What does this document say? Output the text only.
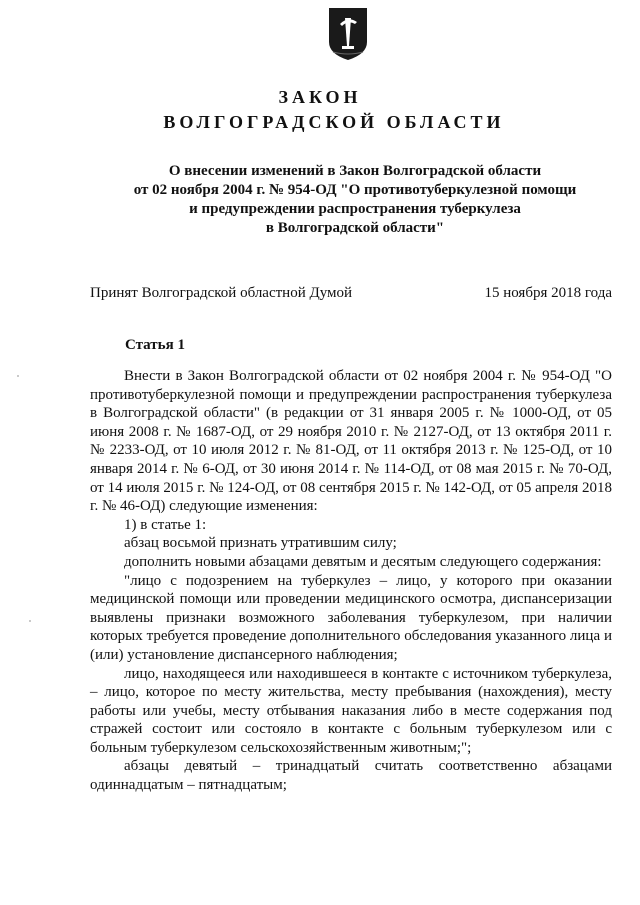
ЗАКОН
ВОЛГОГРАДСКОЙ ОБЛАСТИ
О внесении изменений в Закон Волгоградской области
от 02 ноября 2004 г. № 954-ОД "О противотуберкулезной помощи
и предупреждении распространения туберкулеза
в Волгоградской области"
Принят Волгоградской областной Думой	15 ноября 2018 года
Статья 1

Внести в Закон Волгоградской области от 02 ноября 2004 г. № 954-ОД "О противотуберкулезной помощи и предупреждении распространения туберкулеза в Волгоградской области" (в редакции от 31 января 2005 г. № 1000-ОД, от 05 июня 2008 г. № 1687-ОД, от 29 ноября 2010 г. № 2127-ОД, от 13 октября 2011 г. № 2233-ОД, от 10 июля 2012 г. № 81-ОД, от 11 октября 2013 г. № 125-ОД, от 10 января 2014 г. № 6-ОД, от 30 июня 2014 г. № 114-ОД, от 08 мая 2015 г. № 70-ОД, от 14 июля 2015 г. № 124-ОД, от 08 сентября 2015 г. № 142-ОД, от 05 апреля 2018 г. № 46-ОД) следующие изменения:

1) в статье 1:

абзац восьмой признать утратившим силу;

дополнить новыми абзацами девятым и десятым следующего содержания:

"лицо с подозрением на туберкулез – лицо, у которого при оказании медицинской помощи или проведении медицинского осмотра, диспансеризации выявлены признаки возможного заболевания туберкулезом, при наличии которых требуется проведение дополнительного обследования указанного лица и (или) установление диспансерного наблюдения;

лицо, находящееся или находившееся в контакте с источником туберкулеза, – лицо, которое по месту жительства, месту пребывания (нахождения), месту работы или учебы, месту отбывания наказания либо в месте содержания под стражей состоит или состояло в контакте с больным туберкулезом или с больным туберкулезом сельскохозяйственным животным;";

абзацы девятый – тринадцатый считать соответственно абзацами одиннадцатым – пятнадцатым;
